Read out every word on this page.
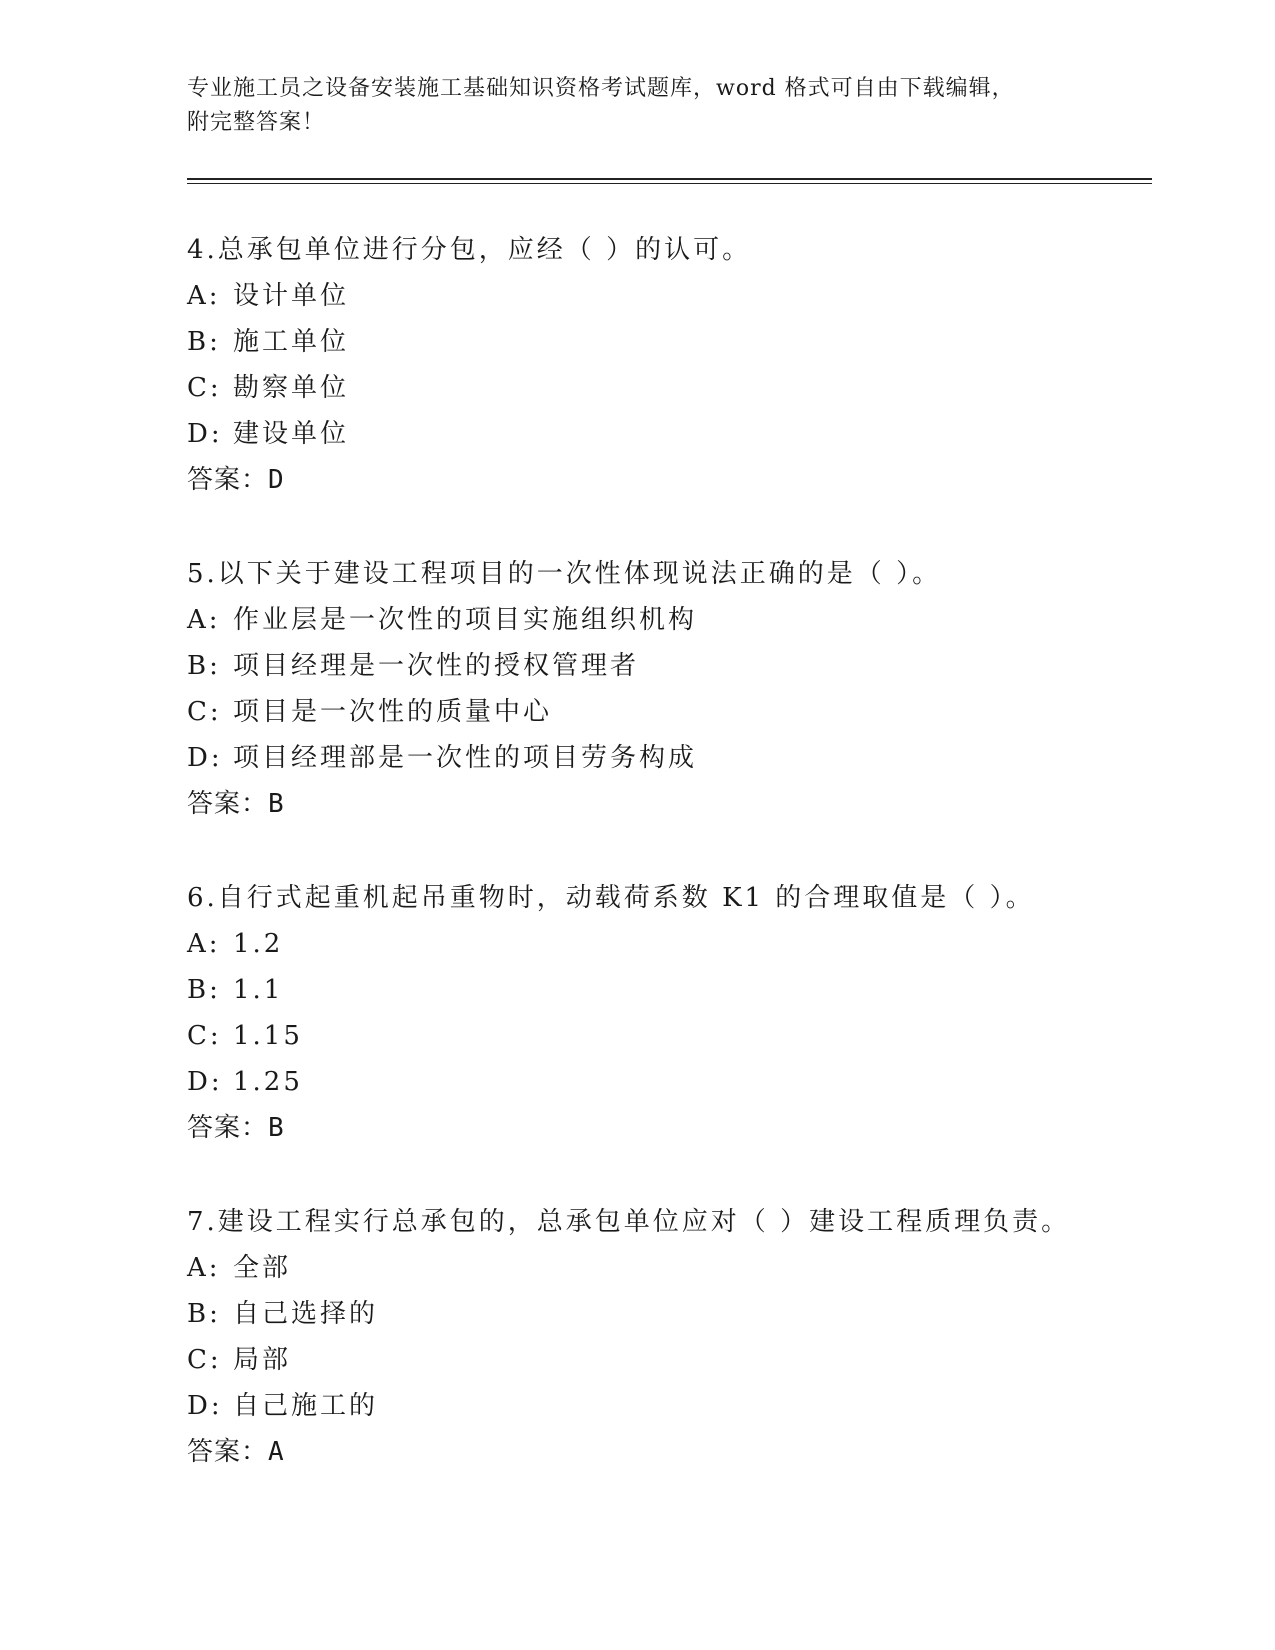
专业施工员之设备安装施工基础知识资格考试题库，word 格式可自由下载编辑，
附完整答案！
4.总承包单位进行分包，应经（ ）的认可。
A: 设计单位
B: 施工单位
C: 勘察单位
D: 建设单位
答案：D
5.以下关于建设工程项目的一次性体现说法正确的是（ ）。
A: 作业层是一次性的项目实施组织机构
B: 项目经理是一次性的授权管理者
C: 项目是一次性的质量中心
D: 项目经理部是一次性的项目劳务构成
答案：B
6.自行式起重机起吊重物时，动载荷系数 K1 的合理取值是（ ）。
A: 1.2
B: 1.1
C: 1.15
D: 1.25
答案：B
7.建设工程实行总承包的，总承包单位应对（ ）建设工程质理负责。
A: 全部
B: 自己选择的
C: 局部
D: 自己施工的
答案：A
